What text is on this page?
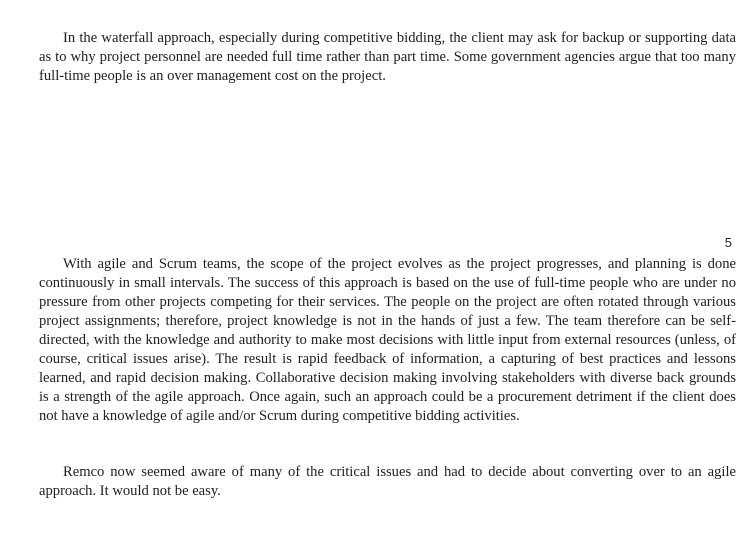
In the waterfall approach, especially during competitive bidding, the client may ask for backup or supporting data as to why project personnel are needed full time rather than part time. Some government agencies argue that too many full-time people is an over management cost on the project.

5

With agile and Scrum teams, the scope of the project evolves as the project progresses, and planning is done continuously in small intervals. The success of this approach is based on the use of full-time people who are under no pressure from other projects competing for their services. The people on the project are often rotated through various project assignments; therefore, project knowledge is not in the hands of just a few. The team therefore can be self-directed, with the knowledge and authority to make most decisions with little input from external resources (unless, of course, critical issues arise). The result is rapid feedback of information, a capturing of best practices and lessons learned, and rapid decision making. Collaborative decision making involving stakeholders with diverse back grounds is a strength of the agile approach. Once again, such an approach could be a procurement detriment if the client does not have a knowledge of agile and/or Scrum during competitive bidding activities.

Remco now seemed aware of many of the critical issues and had to decide about converting over to an agile approach. It would not be easy.
